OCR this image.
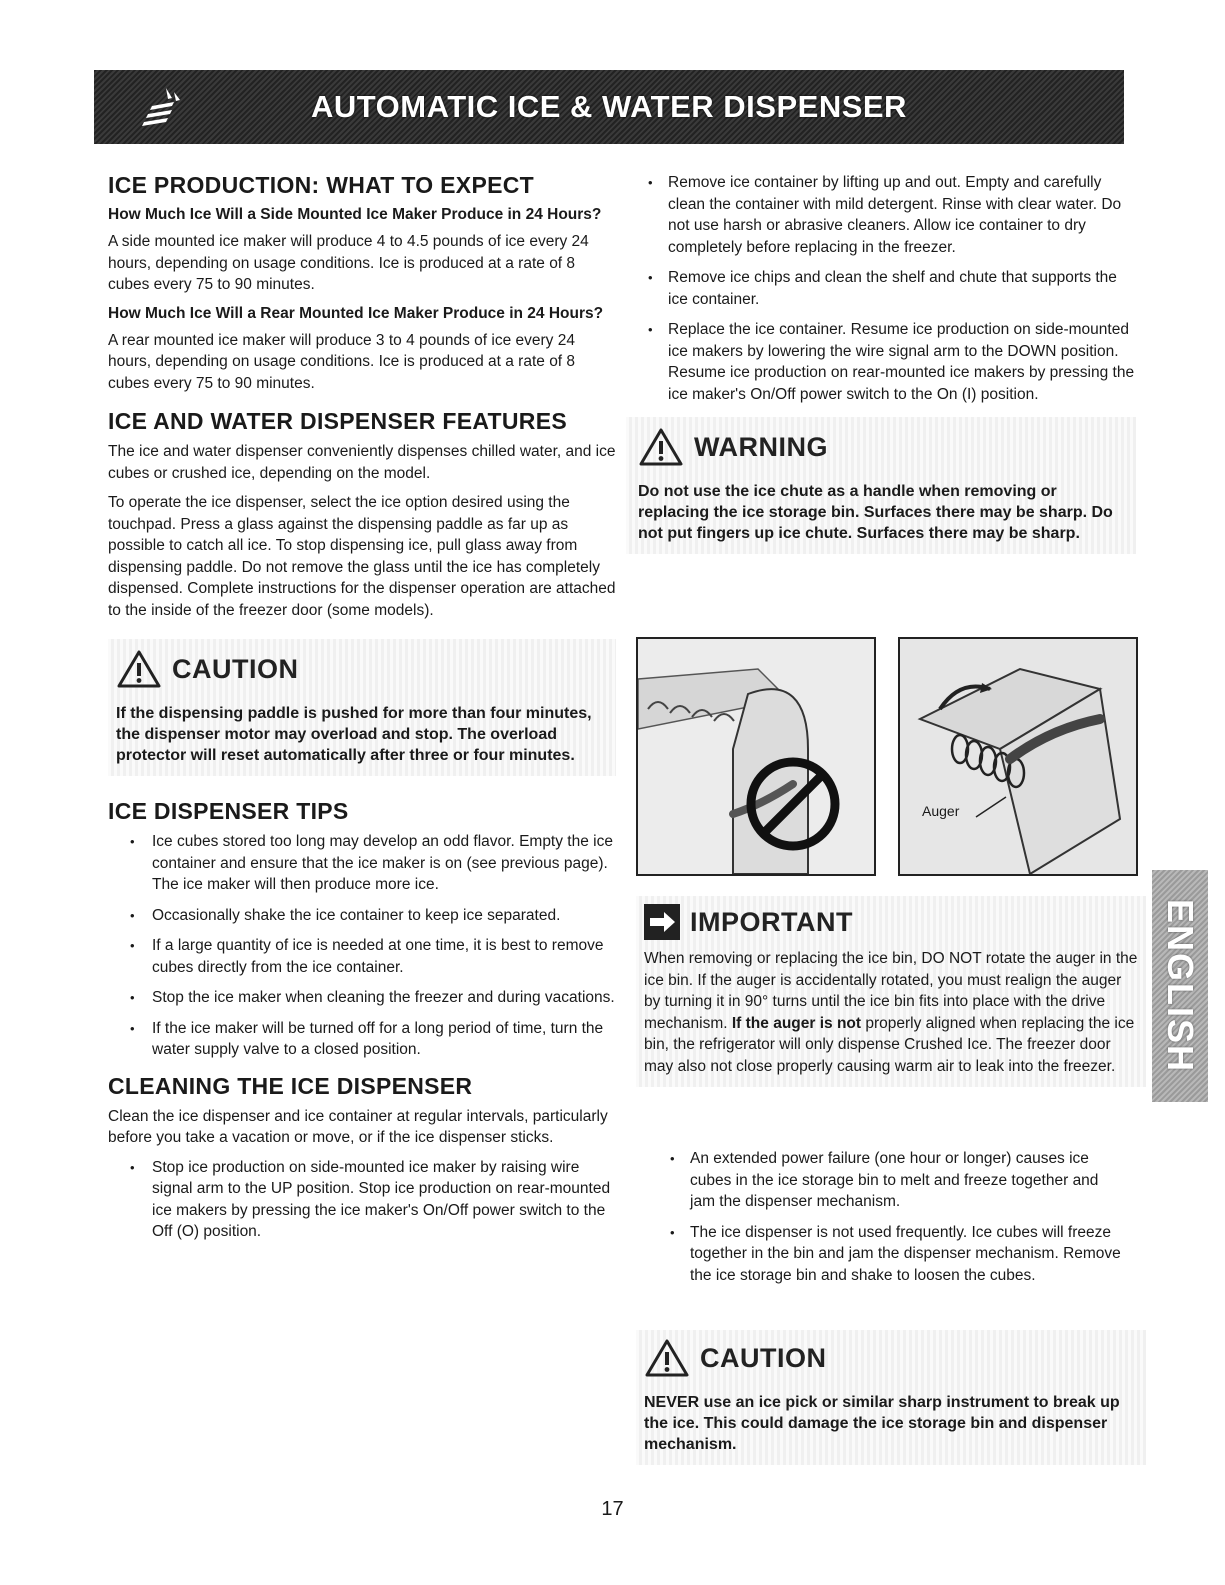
AUTOMATIC ICE & WATER DISPENSER
ICE PRODUCTION: WHAT TO EXPECT
How Much Ice Will a Side Mounted Ice Maker Produce in 24 Hours?

A side mounted ice maker will produce 4 to 4.5 pounds of ice every 24 hours, depending on usage conditions. Ice is produced at a rate of 8 cubes every 75 to 90 minutes.

How Much Ice Will a Rear Mounted Ice Maker Produce in 24 Hours?

A rear mounted ice maker will produce 3 to 4 pounds of ice every 24 hours, depending on usage conditions. Ice is produced at a rate of 8 cubes every 75 to 90 minutes.

ICE AND WATER DISPENSER FEATURES

The ice and water dispenser conveniently dispenses chilled water, and ice cubes or crushed ice, depending on the model.

To operate the ice dispenser, select the ice option desired using the touchpad. Press a glass against the dispensing paddle as far up as possible to catch all ice. To stop dispensing ice, pull glass away from dispensing paddle. Do not remove the glass until the ice has completely dispensed. Complete instructions for the dispenser operation are attached to the inside of the freezer door (some models).

CAUTION
If the dispensing paddle is pushed for more than four minutes, the dispenser motor may overload and stop. The overload protector will reset automatically after three or four minutes.
ICE DISPENSER TIPS
• Ice cubes stored too long may develop an odd flavor. Empty the ice container and ensure that the ice maker is on (see previous page). The ice maker will then produce more ice.
• Occasionally shake the ice container to keep ice separated.
• If a large quantity of ice is needed at one time, it is best to remove cubes directly from the ice container.
• Stop the ice maker when cleaning the freezer and during vacations.
• If the ice maker will be turned off for a long period of time, turn the water supply valve to a closed position.
CLEANING THE ICE DISPENSER

Clean the ice dispenser and ice container at regular intervals, particularly before you take a vacation or move, or if the ice dispenser sticks.

• Stop ice production on side-mounted ice maker by raising wire signal arm to the UP position. Stop ice production on rear-mounted ice makers by pressing the ice maker's On/Off power switch to the Off (O) position.
• Remove ice container by lifting up and out. Empty and carefully clean the container with mild detergent. Rinse with clear water. Do not use harsh or abrasive cleaners. Allow ice container to dry completely before replacing in the freezer.
• Remove ice chips and clean the shelf and chute that supports the ice container.
• Replace the ice container. Resume ice production on side-mounted ice makers by lowering the wire signal arm to the DOWN position. Resume ice production on rear-mounted ice makers by pressing the ice maker's On/Off power switch to the On (I) position.
WARNING
Do not use the ice chute as a handle when removing or replacing the ice storage bin. Surfaces there may be sharp. Do not put fingers up ice chute. Surfaces there may be sharp.
Auger
IMPORTANT
When removing or replacing the ice bin, DO NOT rotate the auger in the ice bin. If the auger is accidentally rotated, you must realign the auger by turning it in 90° turns until the ice bin fits into place with the drive mechanism. If the auger is not properly aligned when replacing the ice bin, the refrigerator will only dispense Crushed Ice. The freezer door may also not close properly causing warm air to leak into the freezer.
• An extended power failure (one hour or longer) causes ice cubes in the ice storage bin to melt and freeze together and jam the dispenser mechanism.
• The ice dispenser is not used frequently. Ice cubes will freeze together in the bin and jam the dispenser mechanism. Remove the ice storage bin and shake to loosen the cubes.
CAUTION
NEVER use an ice pick or similar sharp instrument to break up the ice. This could damage the ice storage bin and dispenser mechanism.
ENGLISH
17
